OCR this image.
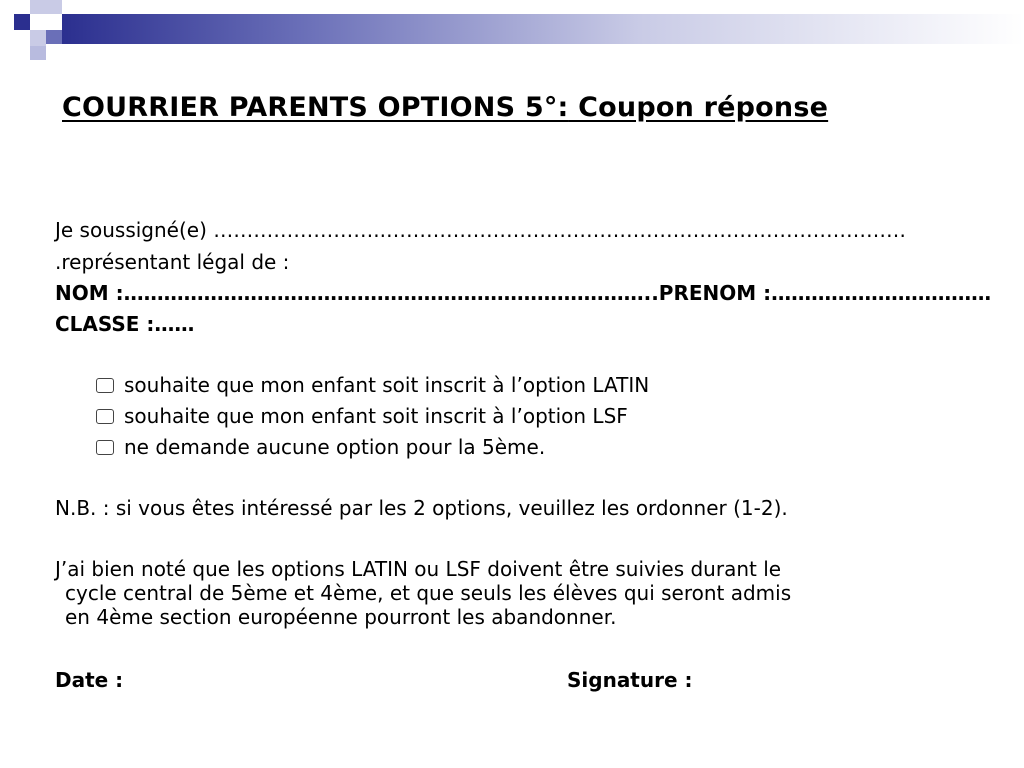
COURRIER PARENTS OPTIONS 5°: Coupon réponse
Je soussigné(e) ……………………..……………………………………………………………………
.représentant légal de :
NOM :……………………………………………………………………..PRENOM :……………………………
CLASSE :……
souhaite que mon enfant soit inscrit à l’option LATIN
souhaite que mon enfant soit inscrit à l’option LSF
ne demande aucune option pour la 5ème.
N.B. : si vous êtes intéressé par les 2 options, veuillez les ordonner (1-2).
J’ai bien noté que les options LATIN ou LSF doivent être suivies durant le
cycle central de 5ème et 4ème, et que seuls les élèves qui seront admis
en 4ème section européenne pourront les abandonner.
Date :	Signature :
